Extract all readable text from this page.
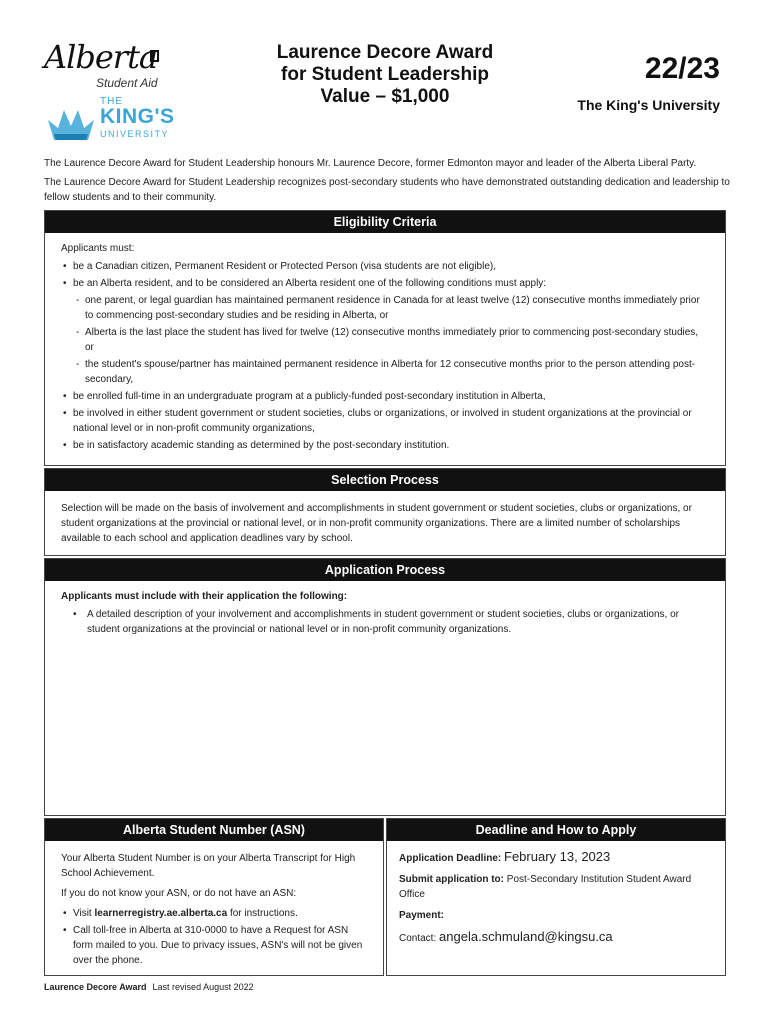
Alberta
Student Aid
THE
KING'S
UNIVERSITY
Laurence Decore Award
for Student Leadership
Value – $1,000
22/23
The King's University

The Laurence Decore Award for Student Leadership honours Mr. Laurence Decore, former Edmonton mayor and leader of the Alberta Liberal Party.

The Laurence Decore Award for Student Leadership recognizes post-secondary students who have demonstrated outstanding dedication and leadership to fellow students and to their community.

Eligibility Criteria
Applicants must:
• be a Canadian citizen, Permanent Resident or Protected Person (visa students are not eligible),
• be an Alberta resident, and to be considered an Alberta resident one of the following conditions must apply:
- one parent, or legal guardian has maintained permanent residence in Canada for at least twelve (12) consecutive months immediately prior to commencing post-secondary studies and be residing in Alberta, or
- Alberta is the last place the student has lived for twelve (12) consecutive months immediately prior to commencing post-secondary studies, or
- the student's spouse/partner has maintained permanent residence in Alberta for 12 consecutive months prior to the person attending post-secondary,
• be enrolled full-time in an undergraduate program at a publicly-funded post-secondary institution in Alberta,
• be involved in either student government or student societies, clubs or organizations, or involved in student organizations at the provincial or national level or in non-profit community organizations,
• be in satisfactory academic standing as determined by the post-secondary institution.
Selection Process
Selection will be made on the basis of involvement and accomplishments in student government or student societies, clubs or organizations, or student organizations at the provincial or national level, or in non-profit community organizations. There are a limited number of scholarships available to each school and application deadlines vary by school.
Application Process
Applicants must include with their application the following:
• A detailed description of your involvement and accomplishments in student government or student societies, clubs or organizations, or student organizations at the provincial or national level or in non-profit community organizations.
Alberta Student Number (ASN)

Your Alberta Student Number is on your Alberta Transcript for High School Achievement.

If you do not know your ASN, or do not have an ASN:

• Visit learnerregistry.ae.alberta.ca for instructions.
• Call toll-free in Alberta at 310-0000 to have a Request for ASN form mailed to you. Due to privacy issues, ASN's will not be given over the phone.
Deadline and How to Apply
Application Deadline: February 13, 2023
Submit application to: Post-Secondary Institution Student Award Office
Payment:
Contact: angela.schmuland@kingsu.ca
Laurence Decore Award Last revised August 2022
